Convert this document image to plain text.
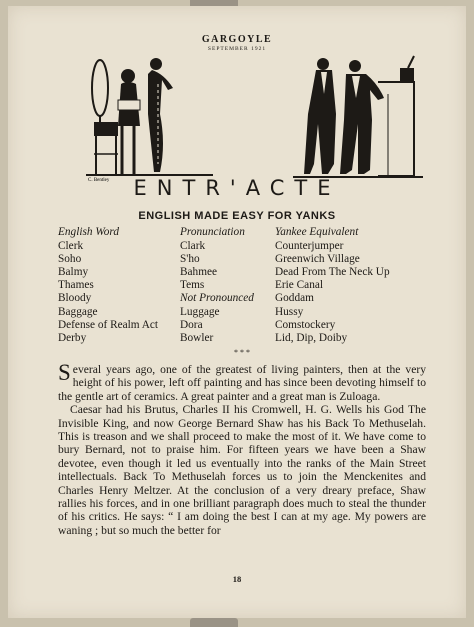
GARGOYLE
SEPTEMBER 1921
C. Bentley	ENTR'ACTE
ENGLISH MADE EASY FOR YANKS
English Word	Pronunciation	Yankee Equivalent
Clerk	Clark	Counterjumper
Soho	S'ho	Greenwich Village
Balmy	Bahmee	Dead From The Neck Up
Thames	Tems	Erie Canal
Bloody	Not Pronounced	Goddam
Baggage	Luggage	Hussy
Defense of Realm Act	Dora	Comstockery
Derby	Bowler	Lid, Dip, Doiby
* * *

Several years ago, one of the greatest of living painters, then at the very height of his power, left off painting and has since been devoting himself to the gentle art of ceramics. A great painter and a great man is Zuloaga.

Caesar had his Brutus, Charles II his Cromwell, H. G. Wells his God The Invisible King, and now George Bernard Shaw has his Back To Methuselah. This is treason and we shall proceed to make the most of it. We have come to bury Bernard, not to praise him. For fifteen years we have been a Shaw devotee, even though it led us eventually into the ranks of the Main Street intellectuals. Back To Methuselah forces us to join the Menckenites and Charles Henry Meltzer. At the conclusion of a very dreary preface, Shaw rallies his forces, and in one brilliant paragraph does much to steal the thunder of his critics. He says: “ I am doing the best I can at my age. My powers are waning ; but so much the better for

18
